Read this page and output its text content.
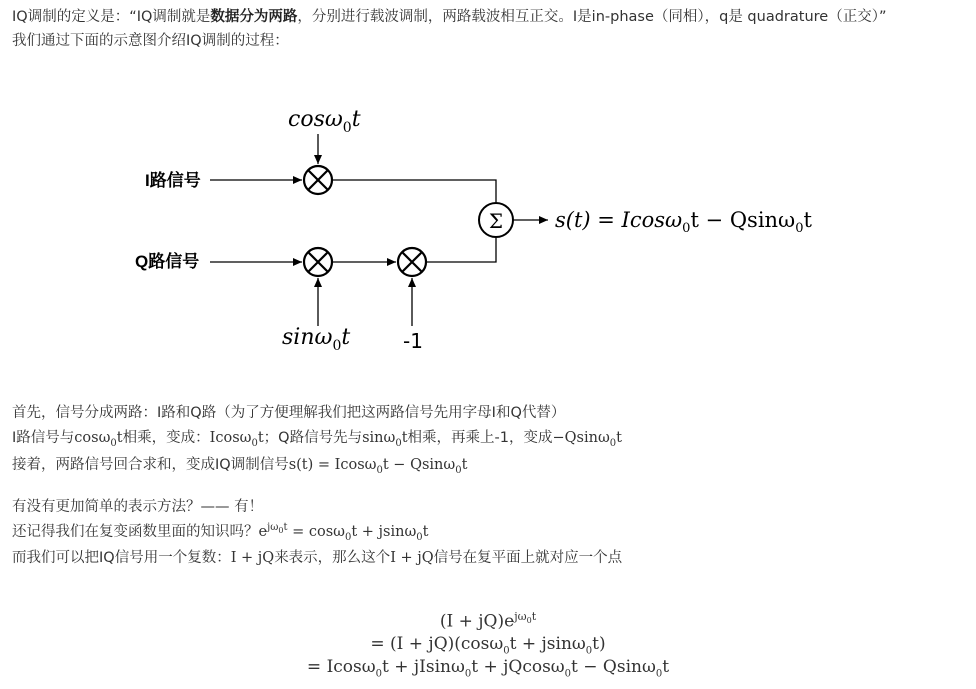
IQ调制的定义是：“IQ调制就是数据分为两路，分别进行载波调制，两路载波相互正交。I是in-phase（同相），q是 quadrature（正交）”
我们通过下面的示意图介绍IQ调制的过程：
cosω$_0$t
I路信号
Σ s(t) = Icosω$_0$t − Qsinω$_0$t
Q路信号
sinω$_0$t	-1
首先，信号分成两路：I路和Q路（为了方便理解我们把这两路信号先用字母I和Q代替）
I路信号与cosω$_0$t相乘，变成：Icosω$_0$t；Q路信号先与sinω$_0$t相乘，再乘上-1，变成−Qsinω$_0$t
接着，两路信号回合求和，变成IQ调制信号s(t) = Icosω$_0$t − Qsinω$_0$t
有没有更加简单的表示方法？—— 有！
还记得我们在复变函数里面的知识吗？$e^{j\omega_0t} = \cos\omega_0t + jsin\omega_0t$
而我们可以把IQ信号用一个复数：I + jQ来表示，那么这个I + jQ信号在复平面上就对应一个点
$(I + jQ)e^{j\omega_0t}$
= (I + jQ)(cosω$_0$t + jsinω$_0$t)
= Icosω$_0$t + jIsinω$_0$t + jQcosω$_0$t − Qsinω$_0$t
